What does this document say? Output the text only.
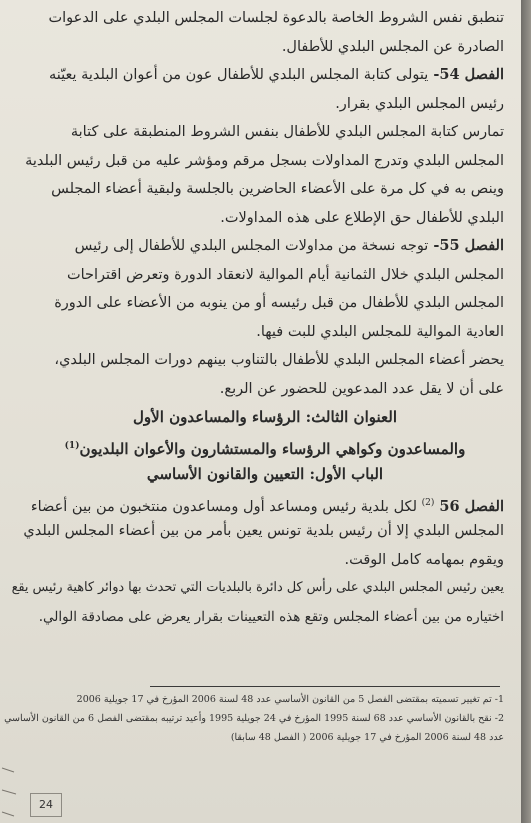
تنطبق نفس الشروط الخاصة بالدعوة لجلسات المجلس البلدي على الدعوات
الصادرة عن المجلس البلدي للأطفال.
الفصل 54- يتولى كتابة المجلس البلدي للأطفال عون من أعوان البلدية يعيّنه
رئيس المجلس البلدي بقرار.
تمارس كتابة المجلس البلدي للأطفال بنفس الشروط المنطبقة على كتابة
المجلس البلدي وتدرج المداولات بسجل مرقم ومؤشر عليه من قبل رئيس البلدية
وينص به في كل مرة على الأعضاء الحاضرين بالجلسة ولبقية أعضاء المجلس
البلدي للأطفال حق الإطلاع على هذه المداولات.
الفصل 55- توجه نسخة من مداولات المجلس البلدي للأطفال إلى رئيس
المجلس البلدي خلال الثمانية أيام الموالية لانعقاد الدورة وتعرض اقتراحات
المجلس البلدي للأطفال من قبل رئيسه أو من ينوبه من الأعضاء على الدورة
العادية الموالية للمجلس البلدي للبت فيها.
يحضر أعضاء المجلس البلدي للأطفال بالتناوب بينهم دورات المجلس البلدي،
على أن لا يقل عدد المدعوين للحضور عن الربع.
العنوان الثالث: الرؤساء والمساعدون الأول
والمساعدون وكواهي الرؤساء والمستشارون والأعوان البلديون$^{(1)}$
الباب الأول: التعيين والقانون الأساسي
الفصل 56 $^{(2)}$ لكل بلدية رئيس ومساعد أول ومساعدون منتخبون من بين أعضاء
المجلس البلدي إلا أن رئيس بلدية تونس يعين بأمر من بين أعضاء المجلس البلدي
ويقوم بمهامه كامل الوقت.
يعين رئيس المجلس البلدي على رأس كل دائرة بالبلديات التي تحدث بها دوائر كاهية رئيس يقع
اختياره من بين أعضاء المجلس وتقع هذه التعيينات بقرار يعرض على مصادقة الوالي.
1- تم تغيير تسميته بمقتضى الفصل 5 من القانون الأساسي عدد 48 لسنة 2006 المؤرخ في 17 جويلية 2006
2- نقح بالقانون الأساسي عدد 68 لسنة 1995 المؤرخ في 24 جويلية 1995 وأعيد ترتيبه بمقتضى الفصل 6 من القانون الأساسي
عدد 48 لسنة 2006 المؤرخ في 17 جويلية 2006 ( الفصل 48 سابقا)
24
